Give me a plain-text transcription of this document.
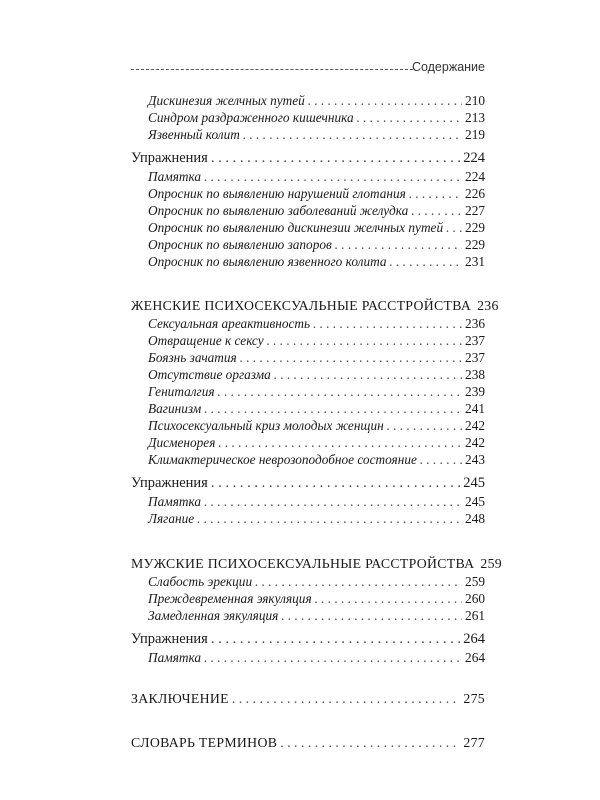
Содержание
Дискинезия желчных путей . . .	210
Синдром раздраженного кишечника . . .	213
Язвенный колит . . .	219
Упражнения . . .	224
Памятка . . .	224
Опросник по выявлению нарушений глотания . . .	226
Опросник по выявлению заболеваний желудка . . .	227
Опросник по выявлению дискинезии желчных путей . . . 229
Опросник по выявлению запоров . . .	229
Опросник по выявлению язвенного колита . . .	231
ЖЕНСКИЕ ПСИХОСЕКСУАЛЬНЫЕ РАССТРОЙСТВА 236
Сексуальная ареактивность . . .	236
Отвращение к сексу . . .	237
Боязнь зачатия . . .	237
Отсутствие оргазма . . .	238
Гениталгия . . .	239
Вагинизм . . .	241
Психосексуальный криз молодых женщин . . .	242
Дисменорея . . .	242
Климактерическое неврозоподобное состояние . . .	243
Упражнения . . .	245
Памятка . . .	245
Лягание . . .	248
МУЖСКИЕ ПСИХОСЕКСУАЛЬНЫЕ РАССТРОЙСТВА 259
Слабость эрекции . . .	259
Преждевременная эякуляция . . .	260
Замедленная эякуляция . . .	261
Упражнения . . .	264
Памятка . . .	264
ЗАКЛЮЧЕНИЕ . . .	275
СЛОВАРЬ ТЕРМИНОВ . . .	277
